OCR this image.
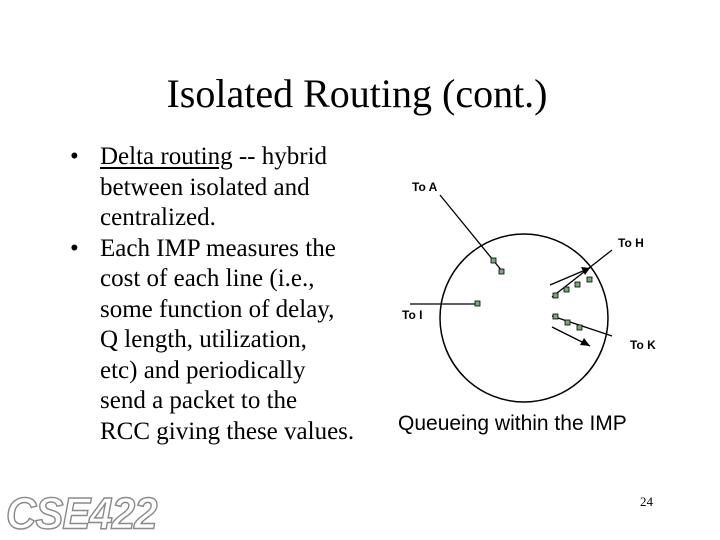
Isolated Routing (cont.)
• Delta routing -- hybrid
between isolated and
centralized.
• Each IMP measures the
cost of each line (i.e.,
some function of delay,
Q length, utilization,
etc) and periodically
send a packet to the
RCC giving these values.
To A
To H
To I
To K
Queueing within the IMP
CSE422	24
